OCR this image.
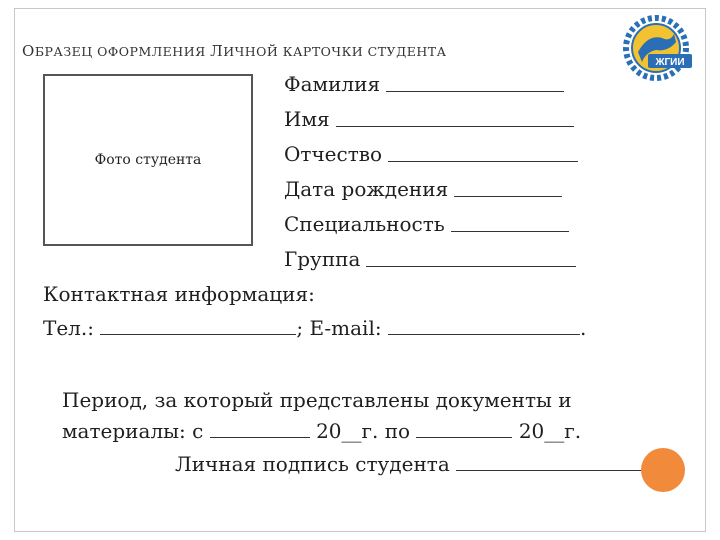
ОБРАЗЕЦ ОФОРМЛЕНИЯ ЛИЧНОЙ КАРТОЧКИ СТУДЕНТА
ЖГИИ
Фото студента
Фамилия
Имя
Отчество
Дата рождения
Специальность
Группа
Контактная информация:
Тел.:	; E-mail:	.
Период, за который представлены документы и
материалы: с	20__г. по	20__г.
Личная подпись студента
